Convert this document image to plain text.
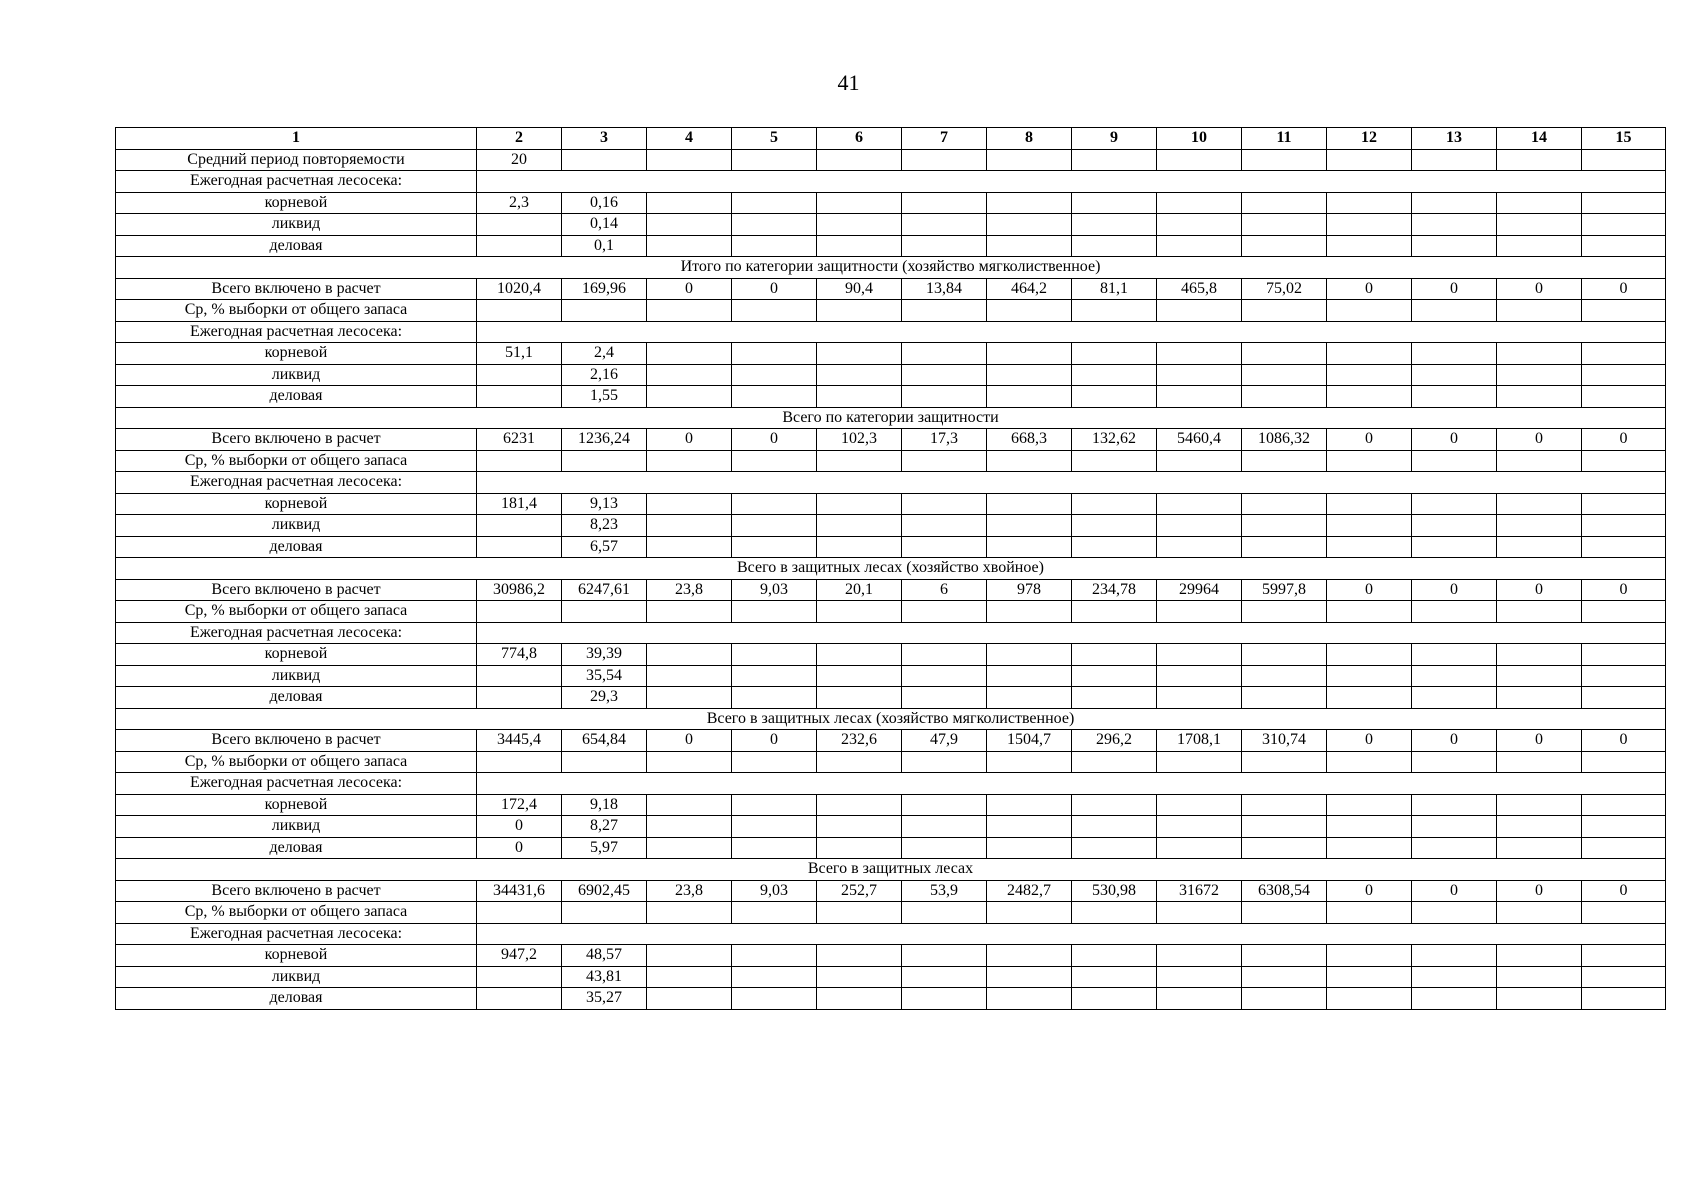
41
1	2	3	4	5	6	7	8	9	10	11	12	13	14	15
Средний период повторяемости	20													
Ежегодная расчетная лесосека:														
корневой	2,3	0,16												
ликвид		0,14												
деловая		0,1												
Итого по категории защитности (хозяйство мягколиственное)														
Всего включено в расчет	1020,4	169,96	0	0	90,4	13,84	464,2	81,1	465,8	75,02	0	0	0	0
Ср, % выборки от общего запаса														
Ежегодная расчетная лесосека:														
корневой	51,1	2,4												
ликвид		2,16												
деловая		1,55												
Всего по категории защитности														
Всего включено в расчет	6231	1236,24	0	0	102,3	17,3	668,3	132,62	5460,4	1086,32	0	0	0	0
Ср, % выборки от общего запаса														
Ежегодная расчетная лесосека:														
корневой	181,4	9,13												
ликвид		8,23												
деловая		6,57												
Всего в защитных лесах (хозяйство хвойное)														
Всего включено в расчет	30986,2	6247,61	23,8	9,03	20,1	6	978	234,78	29964	5997,8	0	0	0	0
Ср, % выборки от общего запаса														
Ежегодная расчетная лесосека:														
корневой	774,8	39,39												
ликвид		35,54												
деловая		29,3												
Всего в защитных лесах (хозяйство мягколиственное)														
Всего включено в расчет	3445,4	654,84	0	0	232,6	47,9	1504,7	296,2	1708,1	310,74	0	0	0	0
Ср, % выборки от общего запаса														
Ежегодная расчетная лесосека:														
корневой	172,4	9,18												
ликвид	0	8,27												
деловая	0	5,97												
Всего в защитных лесах														
Всего включено в расчет	34431,6	6902,45	23,8	9,03	252,7	53,9	2482,7	530,98	31672	6308,54	0	0	0	0
Ср, % выборки от общего запаса														
Ежегодная расчетная лесосека:														
корневой	947,2	48,57												
ликвид		43,81												
деловая		35,27												
